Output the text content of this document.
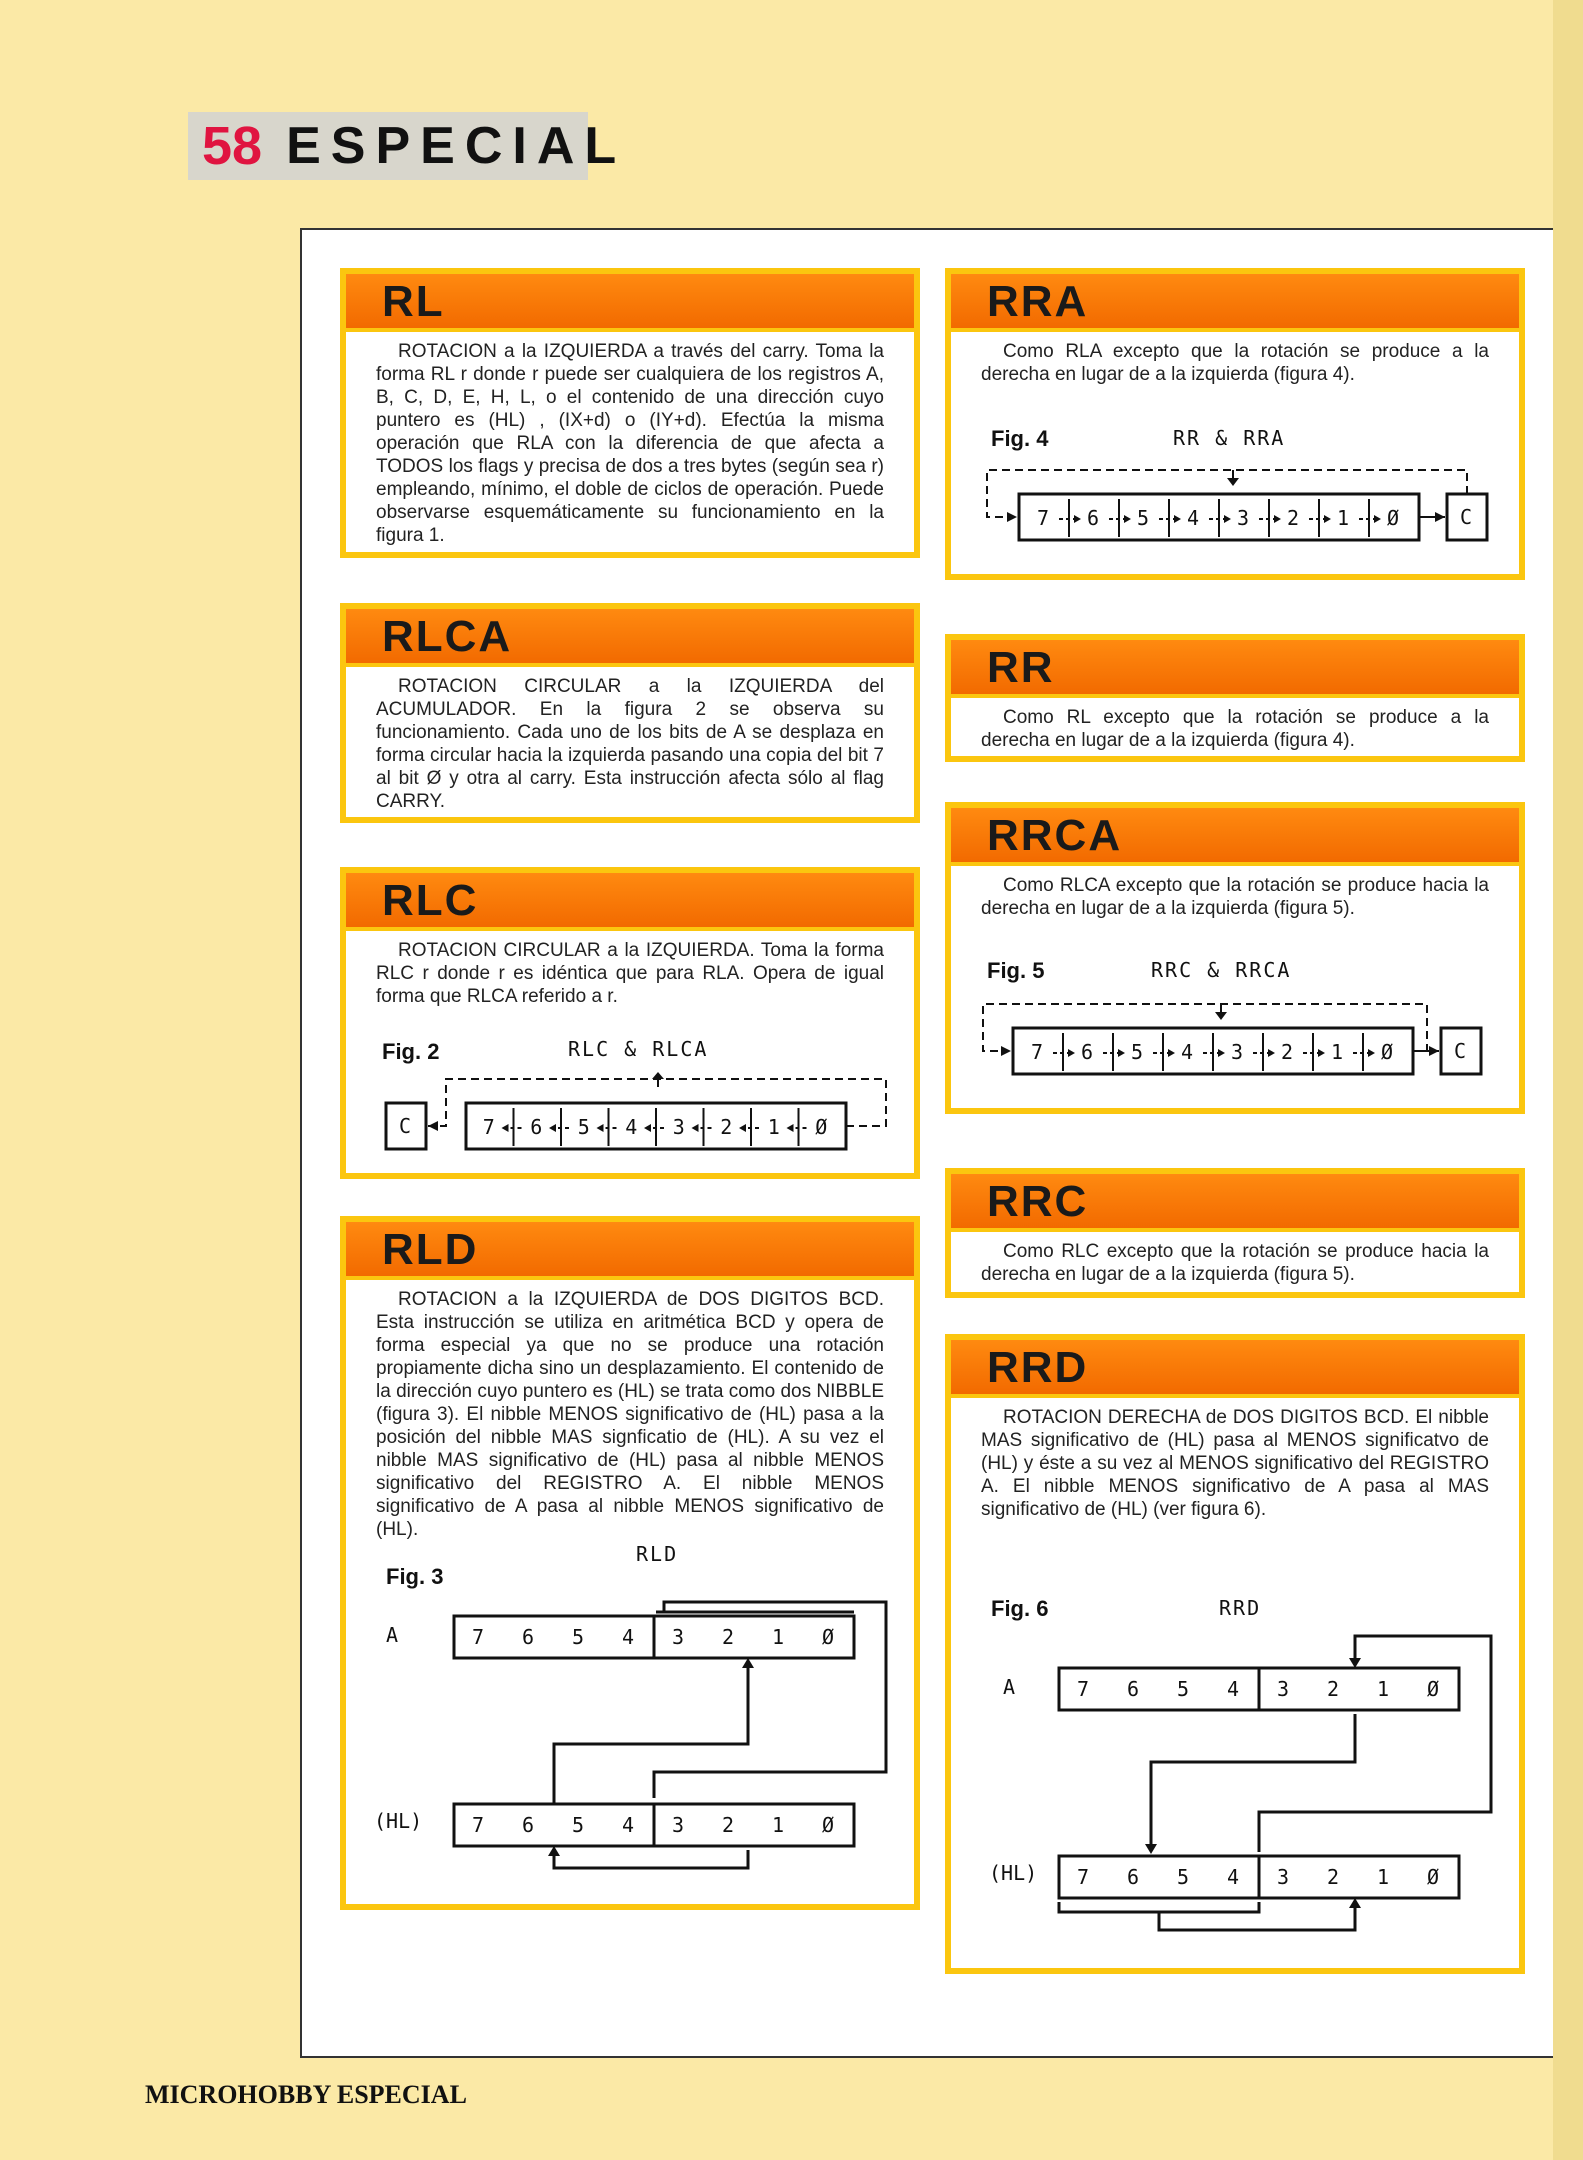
58 ESPECIAL
RL

ROTACION a la IZQUIERDA a través del carry. Toma la forma RL r donde r puede ser cualquiera de los registros A, B, C, D, E, H, L, o el contenido de una dirección cuyo puntero es (HL) , (IX+d) o (IY+d). Efectúa la misma operación que RLA con la diferencia de que afecta a TODOS los flags y precisa de dos a tres bytes (según sea r) empleando, mínimo, el doble de ciclos de operación. Puede observarse esquemáticamente su funcionamiento en la figura 1.

RLCA

ROTACION CIRCULAR a la IZQUIERDA del ACUMULADOR. En la figura 2 se observa su funcionamiento. Cada uno de los bits de A se desplaza en forma circular hacia la izquierda pasando una copia del bit 7 al bit Ø y otra al carry. Esta instrucción afecta sólo al flag CARRY.

RLC

ROTACION CIRCULAR a la IZQUIERDA. Toma la forma RLC r donde r es idéntica que para RLA. Opera de igual forma que RLCA referido a r.

Fig. 2	RLC & RLCA
C	7 6 5 4 3 2 1 Ø
RLD

ROTACION a la IZQUIERDA de DOS DIGITOS BCD. Esta instrucción se utiliza en aritmética BCD y opera de forma especial ya que no se produce una rotación propiamente dicha sino un desplazamiento. El contenido de la dirección cuyo puntero es (HL) se trata como dos NIBBLE (figura 3). El nibble MENOS significativo de (HL) pasa a la posición del nibble MAS signficatio de (HL). A su vez el nibble MAS significativo de (HL) pasa al nibble MENOS significativo del REGISTRO A. El nibble MENOS significativo de A pasa al nibble MENOS significativo de (HL).

RLD
Fig. 3
A
(HL)
7 6 5 4 3 2 1 Ø
7 6 5 4 3 2 1 Ø
RRA

Como RLA excepto que la rotación se produce a la derecha en lugar de a la izquierda (figura 4).

Fig. 4	RR & RRA
7 6 5 4 3 2 1 Ø	C
RR

Como RL excepto que la rotación se produce a la derecha en lugar de a la izquierda (figura 4).

RRCA

Como RLCA excepto que la rotación se produce hacia la derecha en lugar de a la izquierda (figura 5).

Fig. 5	RRC & RRCA
7 6 5 4 3 2 1 Ø	C
RRC

Como RLC excepto que la rotación se produce hacia la derecha en lugar de a la izquierda (figura 5).

RRD

ROTACION DERECHA de DOS DIGITOS BCD. El nibble MAS significativo de (HL) pasa al MENOS significatvo de (HL) y éste a su vez al MENOS significativo del REGISTRO A. El nibble MENOS significativo de A pasa al MAS significativo de (HL) (ver figura 6).

Fig. 6	RRD
A
(HL)
7 6 5 4 3 2 1 Ø
7 6 5 4 3 2 1 Ø
MICROHOBBY ESPECIAL
